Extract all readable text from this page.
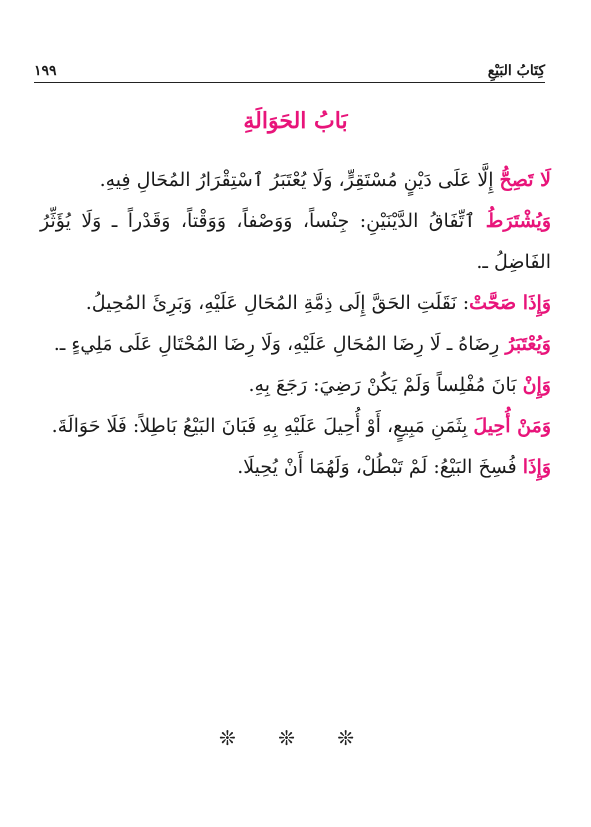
كِتَابُ البَيْعِ
١٩٩
بَابُ الحَوَالَةِ

لَا تَصِحُّ إِلَّا عَلَى دَيْنٍ مُسْتَقِرٍّ، وَلَا يُعْتَبَرُ ٱسْتِقْرَارُ المُحَالِ فِيهِ.

وَيُشْتَرَطُ ٱتِّفَاقُ الدَّيْنَيْنِ: جِنْساً، وَوَصْفاً، وَوَقْتاً، وَقَدْراً ـ وَلَا يُؤَثِّرُ الفَاضِلُ ـ.

وَإِذَا صَحَّتْ: نَقَلَتِ الحَقَّ إِلَى ذِمَّةِ المُحَالِ عَلَيْهِ، وَبَرِئَ المُحِيلُ.

وَيُعْتَبَرُ رِضَاهُ ـ لَا رِضَا المُحَالِ عَلَيْهِ، وَلَا رِضَا المُحْتَالِ عَلَى مَلِيءٍ ـ.

وَإِنْ بَانَ مُفْلِساً وَلَمْ يَكُنْ رَضِيَ: رَجَعَ بِهِ.

وَمَنْ أُحِيلَ بِثَمَنِ مَبِيعٍ، أَوْ أُحِيلَ عَلَيْهِ بِهِ فَبَانَ البَيْعُ بَاطِلاً: فَلَا حَوَالَةَ.

وَإِذَا فُسِخَ البَيْعُ: لَمْ تَبْطُلْ، وَلَهُمَا أَنْ يُحِيلَا.

❊ ❊ ❊
